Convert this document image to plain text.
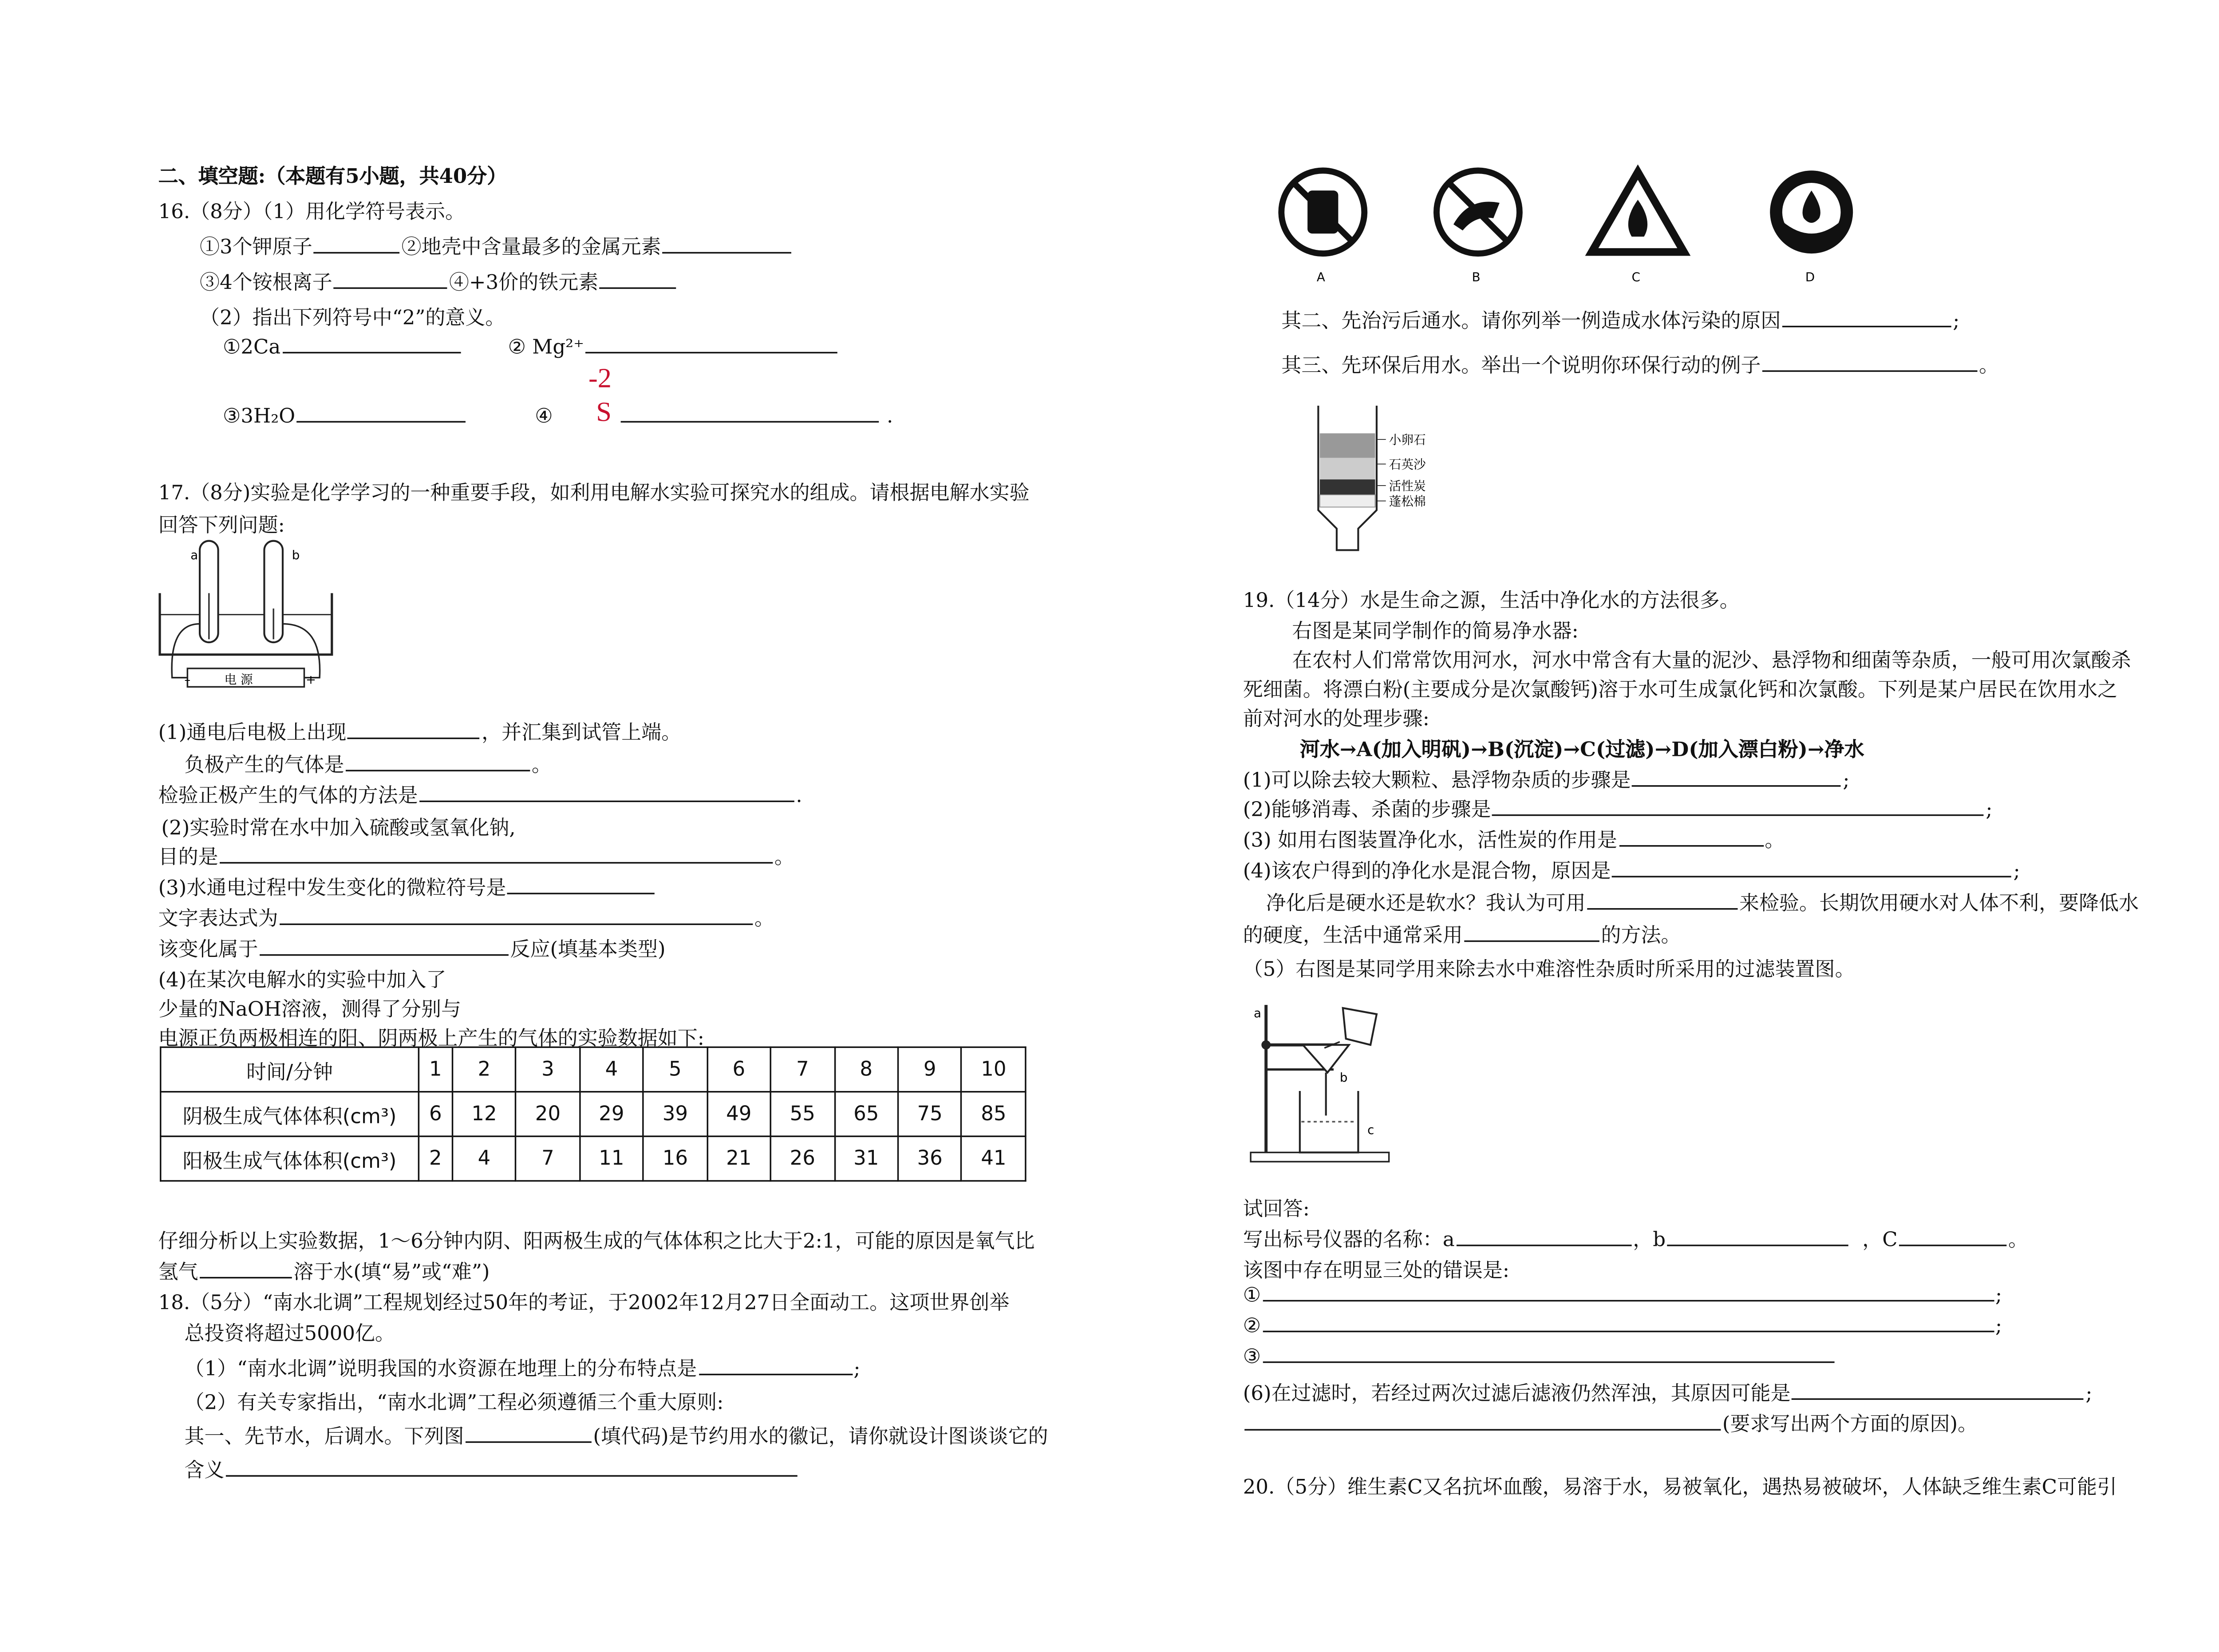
二、填空题:（本题有5小题，共40分）
16.（8分）（1）用化学符号表示。
①3个钾原子	②地壳中含量最多的金属元素
③4个铵根离子	④+3价的铁元素
（2）指出下列符号中“2”的意义。
①2Ca	② Mg²⁺
③3H₂O	④
-2
S	.
17.（8分)实验是化学学习的一种重要手段，如利用电解水实验可探究水的组成。请根据电解水实验
回答下列问题:
a	b
电 源
–	+
(1)通电后电极上出现	，并汇集到试管上端。
负极产生的气体是	。
检验正极产生的气体的方法是	.
(2)实验时常在水中加入硫酸或氢氧化钠,
目的是	。
(3)水通电过程中发生变化的微粒符号是
文字表达式为	。
该变化属于	反应(填基本类型)
(4)在某次电解水的实验中加入了
少量的NaOH溶液，测得了分别与
电源正负两极相连的阳、阴两极上产生的气体的实验数据如下:
时间/分钟	1	2	3	4	5	6	7	8	9	10
阴极生成气体体积(cm³)	6	12	20	29	39	49	55	65	75	85
阳极生成气体体积(cm³)	2	4	7	11	16	21	26	31	36	41
仔细分析以上实验数据，1～6分钟内阴、阳两极生成的气体体积之比大于2:1，可能的原因是氧气比
氢气	溶于水(填“易”或“难”)
18.（5分）“南水北调”工程规划经过50年的考证，于2002年12月27日全面动工。这项世界创举
总投资将超过5000亿。
（1）“南水北调”说明我国的水资源在地理上的分布特点是	;
（2）有关专家指出，“南水北调”工程必须遵循三个重大原则:
其一、先节水，后调水。下列图	(填代码)是节约用水的徽记，请你就设计图谈谈它的
含义
A	B	C	D
其二、先治污后通水。请你列举一例造成水体污染的原因	;
其三、先环保后用水。举出一个说明你环保行动的例子	。
小卵石
石英沙
活性炭
蓬松棉
19.（14分）水是生命之源，生活中净化水的方法很多。
右图是某同学制作的简易净水器:
在农村人们常常饮用河水，河水中常含有大量的泥沙、悬浮物和细菌等杂质，一般可用次氯酸杀
死细菌。将漂白粉(主要成分是次氯酸钙)溶于水可生成氯化钙和次氯酸。下列是某户居民在饮用水之
前对河水的处理步骤:
河水→A(加入明矾)→B(沉淀)→C(过滤)→D(加入漂白粉)→净水
(1)可以除去较大颗粒、悬浮物杂质的步骤是	;
(2)能够消毒、杀菌的步骤是	;
(3) 如用右图装置净化水，活性炭的作用是	。
(4)该农户得到的净化水是混合物，原因是	;
净化后是硬水还是软水？我认为可用	来检验。长期饮用硬水对人体不利，要降低水
的硬度，生活中通常采用	的方法。
（5）右图是某同学用来除去水中难溶性杂质时所采用的过滤装置图。
a
b
c
试回答:
写出标号仪器的名称：a	，b	，C	。
该图中存在明显三处的错误是:
①	;
②	;
③
(6)在过滤时，若经过两次过滤后滤液仍然浑浊，其原因可能是	;
(要求写出两个方面的原因)。
20.（5分）维生素C又名抗坏血酸，易溶于水，易被氧化，遇热易被破坏，人体缺乏维生素C可能引
